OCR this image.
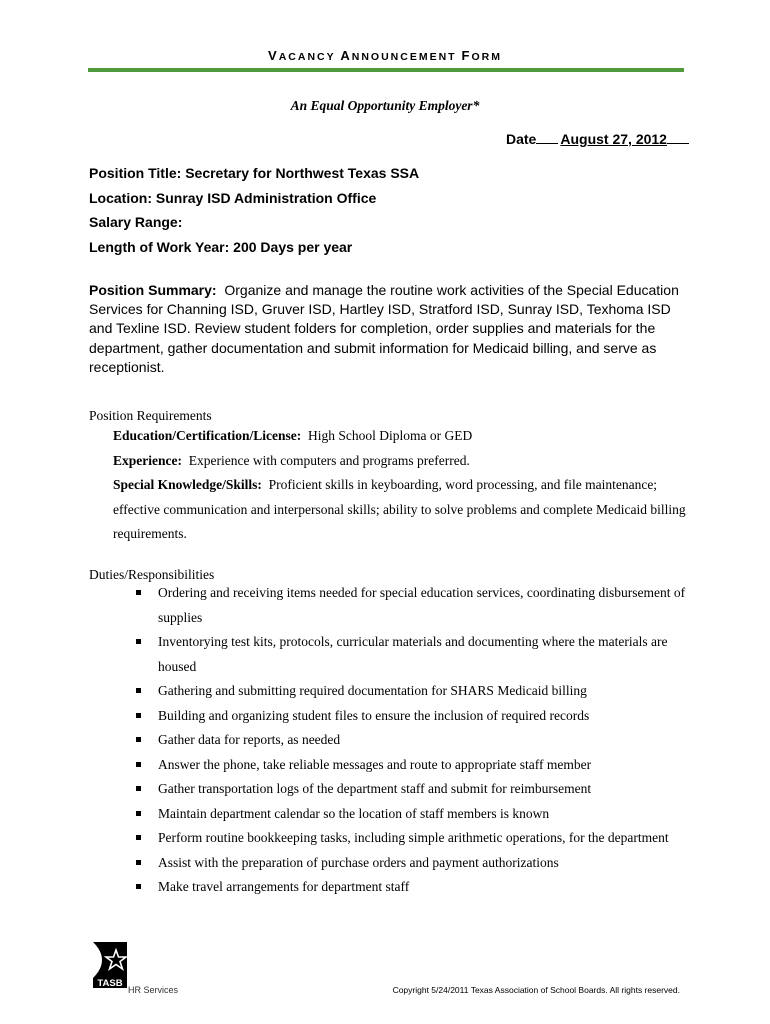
VACANCY ANNOUNCEMENT FORM
An Equal Opportunity Employer*
Date August 27, 2012
Position Title: Secretary for Northwest Texas SSA
Location: Sunray ISD Administration Office
Salary Range:
Length of Work Year: 200 Days per year
Position Summary: Organize and manage the routine work activities of the Special Education Services for Channing ISD, Gruver ISD, Hartley ISD, Stratford ISD, Sunray ISD, Texhoma ISD and Texline ISD. Review student folders for completion, order supplies and materials for the department, gather documentation and submit information for Medicaid billing, and serve as receptionist.
Position Requirements
Education/Certification/License: High School Diploma or GED
Experience: Experience with computers and programs preferred.
Special Knowledge/Skills: Proficient skills in keyboarding, word processing, and file maintenance; effective communication and interpersonal skills; ability to solve problems and complete Medicaid billing requirements.
Duties/Responsibilities
Ordering and receiving items needed for special education services, coordinating disbursement of supplies
Inventorying test kits, protocols, curricular materials and documenting where the materials are housed
Gathering and submitting required documentation for SHARS Medicaid billing
Building and organizing student files to ensure the inclusion of required records
Gather data for reports, as needed
Answer the phone, take reliable messages and route to appropriate staff member
Gather transportation logs of the department staff and submit for reimbursement
Maintain department calendar so the location of staff members is known
Perform routine bookkeeping tasks, including simple arithmetic operations, for the department
Assist with the preparation of purchase orders and payment authorizations
Make travel arrangements for department staff
TASB
HR Services	Copyright 5/24/2011 Texas Association of School Boards. All rights reserved.
